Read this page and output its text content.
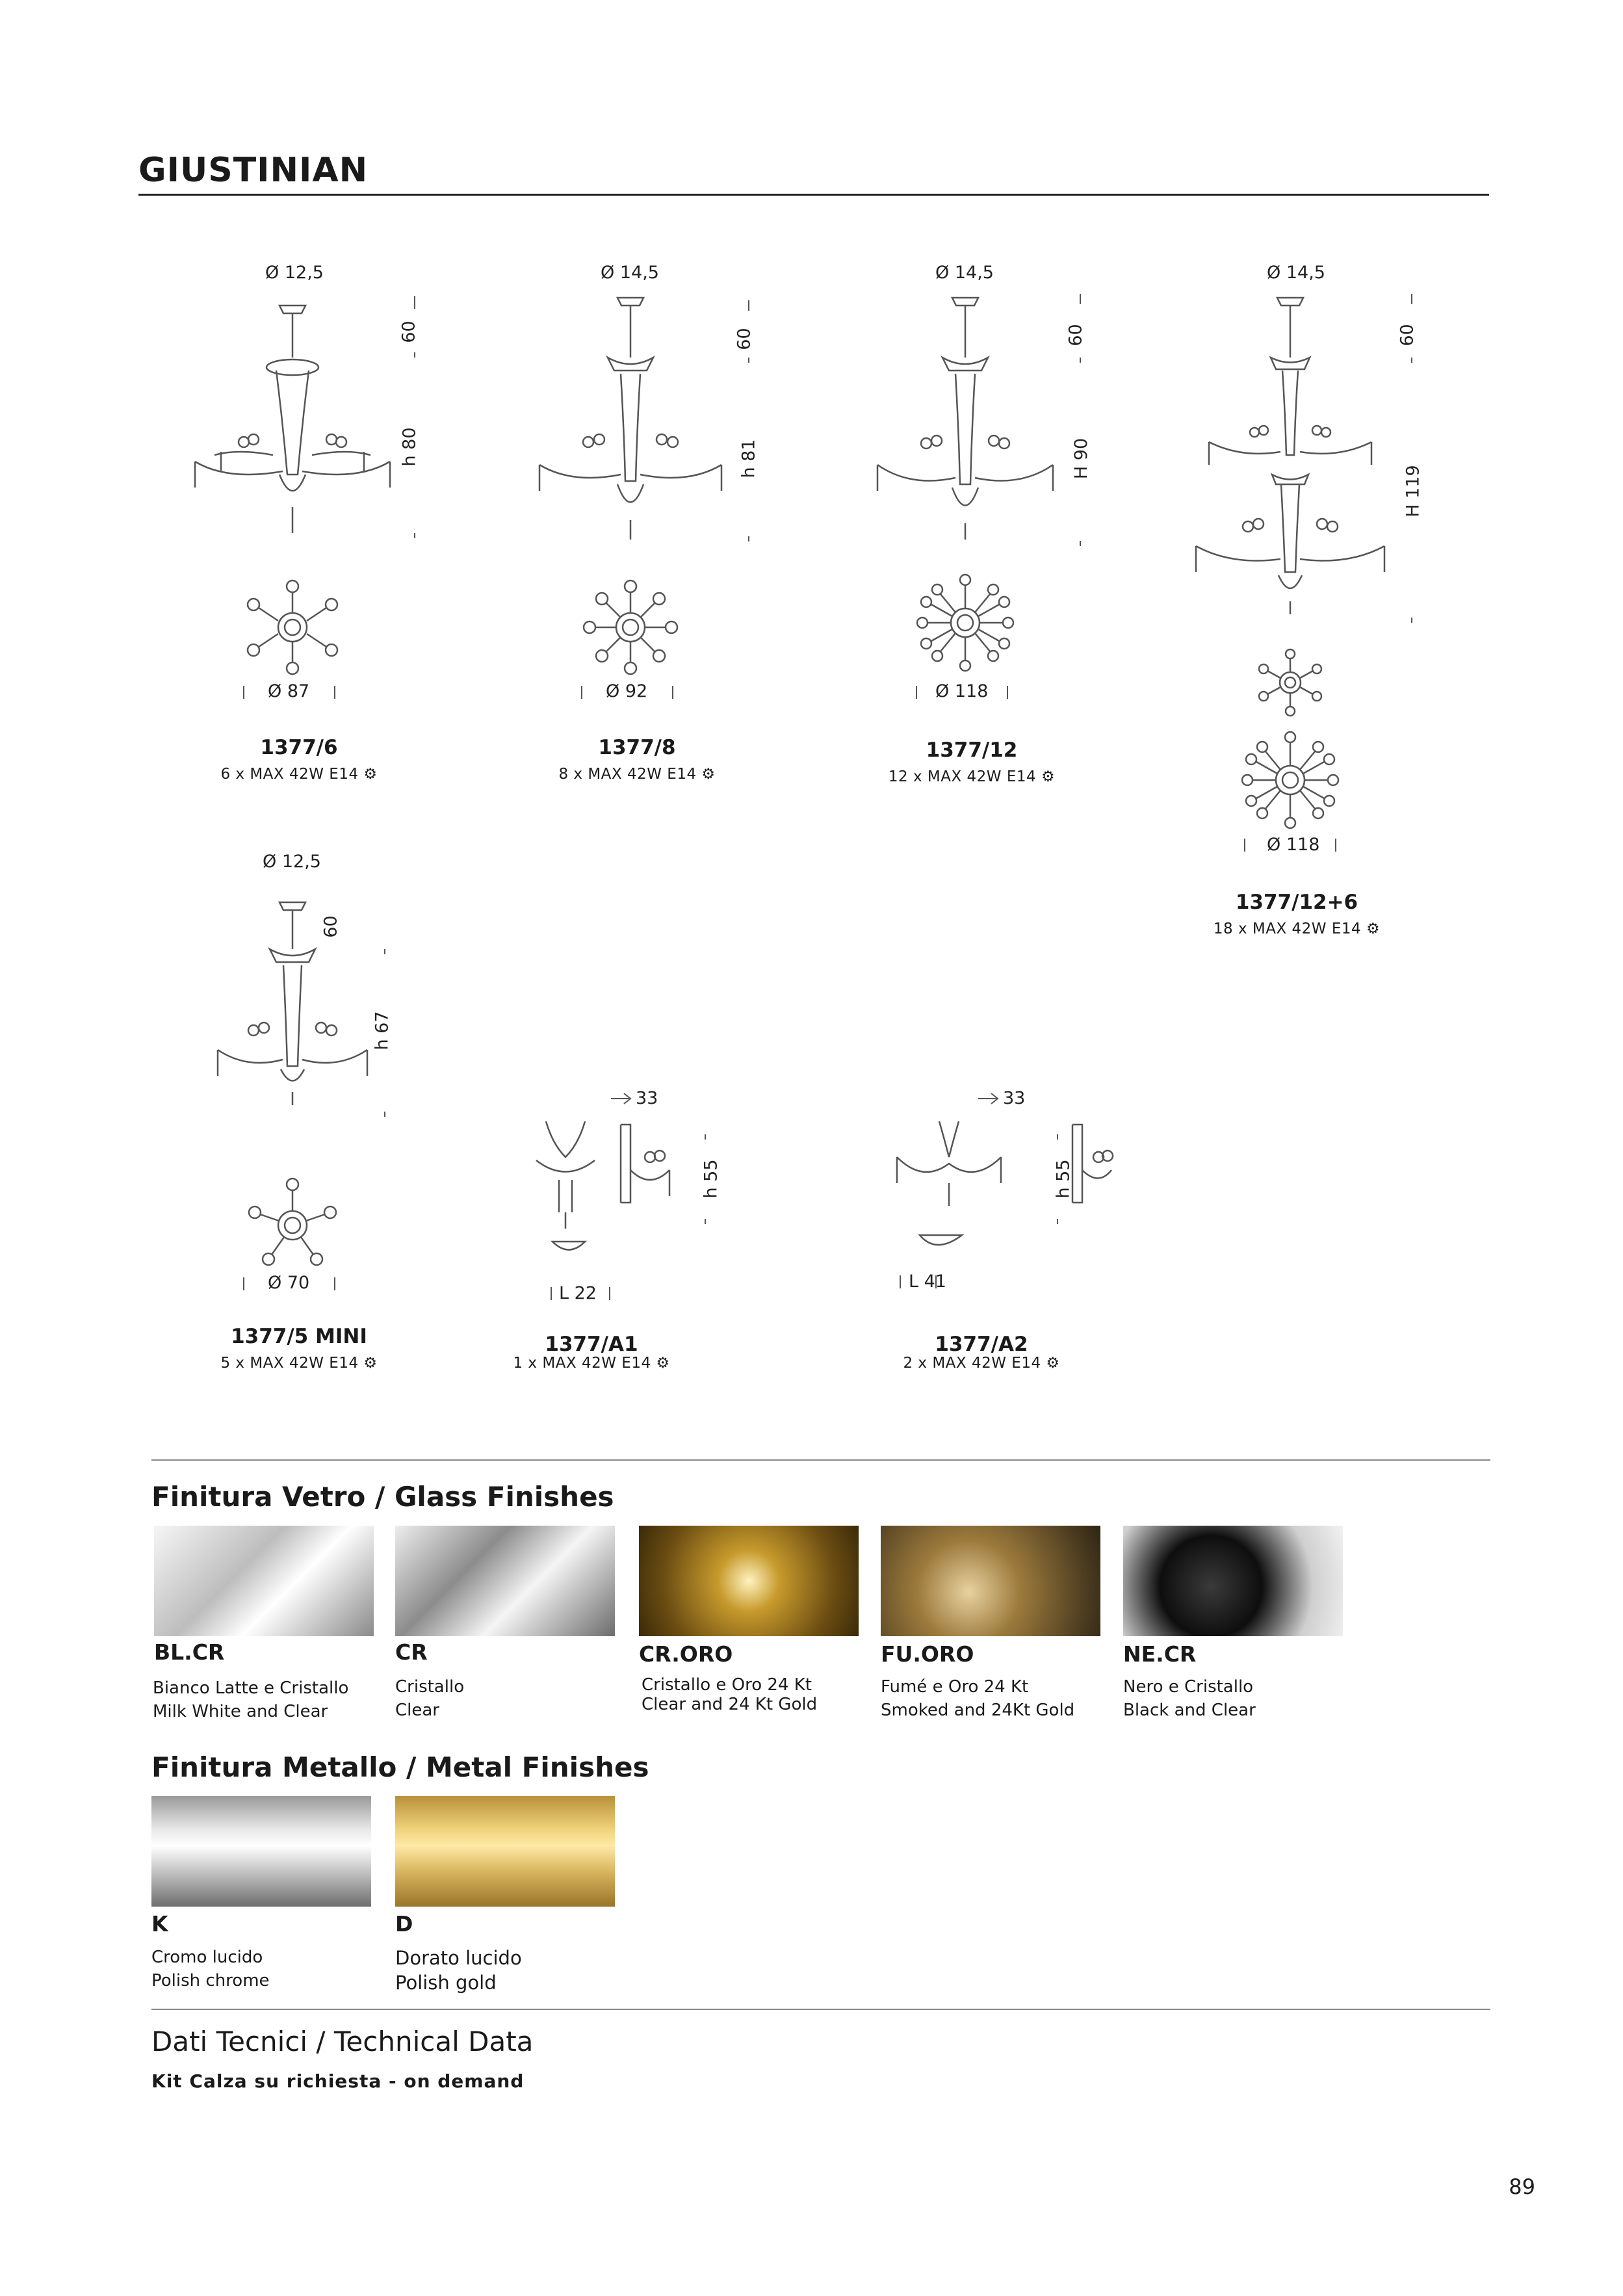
GIUSTINIAN
Ø 12,5
60
h 80
Ø 87
1377/6
6 x MAX 42W E14 ⚙
Ø 14,5
60
h 81
Ø 92
1377/8
8 x MAX 42W E14 ⚙
Ø 14,5
60
H 90
Ø 118
1377/12
12 x MAX 42W E14 ⚙
Ø 14,5
60
H 119
Ø 118
1377/12+6
18 x MAX 42W E14 ⚙
Ø 12,5
60
h 67
Ø 70
1377/5 MINI
5 x MAX 42W E14 ⚙
33
h 55
L 22
1377/A1
1 x MAX 42W E14 ⚙
33
h 55
L 41
1377/A2
2 x MAX 42W E14 ⚙
Finitura Vetro / Glass Finishes
BL.CR	CR	CR.ORO	FU.ORO	NE.CR
Bianco Latte e Cristallo
Milk White and Clear
Cristallo
Clear
Cristallo e Oro 24 Kt
Clear and 24 Kt Gold
Fumé e Oro 24 Kt
Smoked and 24Kt Gold
Nero e Cristallo
Black and Clear
Finitura Metallo / Metal Finishes
K	D
Cromo lucido
Polish chrome
Dorato lucido
Polish gold
Dati Tecnici / Technical Data
Kit Calza su richiesta - on demand
89
